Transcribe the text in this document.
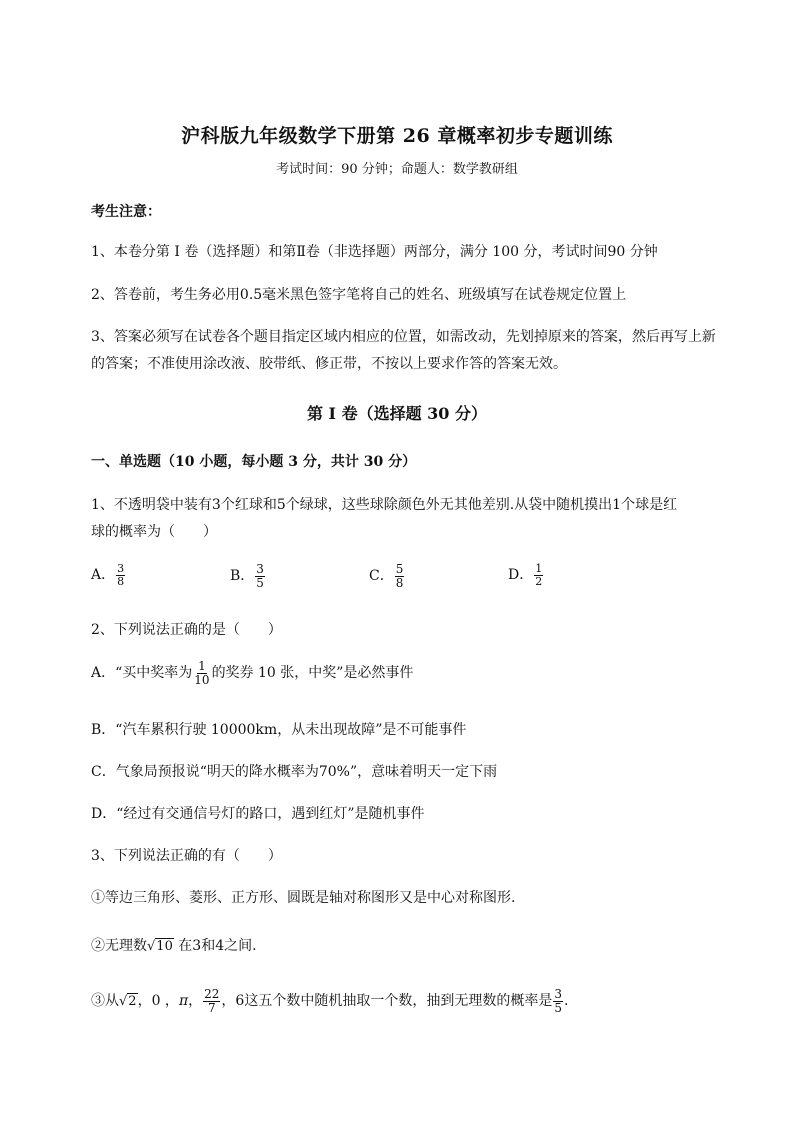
沪科版九年级数学下册第 26 章概率初步专题训练
考试时间：90 分钟；命题人：数学教研组
考生注意：
1、本卷分第 I 卷（选择题）和第Ⅱ卷（非选择题）两部分，满分 100 分，考试时间90 分钟
2、答卷前，考生务必用0.5毫米黑色签字笔将自己的姓名、班级填写在试卷规定位置上
3、答案必须写在试卷各个题目指定区域内相应的位置，如需改动，先划掉原来的答案，然后再写上新
的答案；不准使用涂改液、胶带纸、修正带，不按以上要求作答的答案无效。
第 I 卷（选择题 30 分）
一、单选题（10 小题，每小题 3 分，共计 30 分）
1、不透明袋中装有3个红球和5个绿球，这些球除颜色外无其他差别.从袋中随机摸出1个球是红
球的概率为（　　）
A． $\frac{3}{8}$	B． $\frac{3}{5}$	C． $\frac{5}{8}$	D． $\frac{1}{2}$
2、下列说法正确的是（　　）
A．“买中奖率为 $\frac{1}{10}$ 的奖券 10 张，中奖”是必然事件
B．“汽车累积行驶 10000km，从未出现故障”是不可能事件
C．气象局预报说“明天的降水概率为70%”，意味着明天一定下雨
D．“经过有交通信号灯的路口，遇到红灯”是随机事件
3、下列说法正确的有（　　）
①等边三角形、菱形、正方形、圆既是轴对称图形又是中心对称图形.
②无理数√10 在3和4之间.
③从√2，0 ，π， $\frac{22}{7}$ ，6这五个数中随机抽取一个数，抽到无理数的概率是 $\frac{3}{5}$ .
